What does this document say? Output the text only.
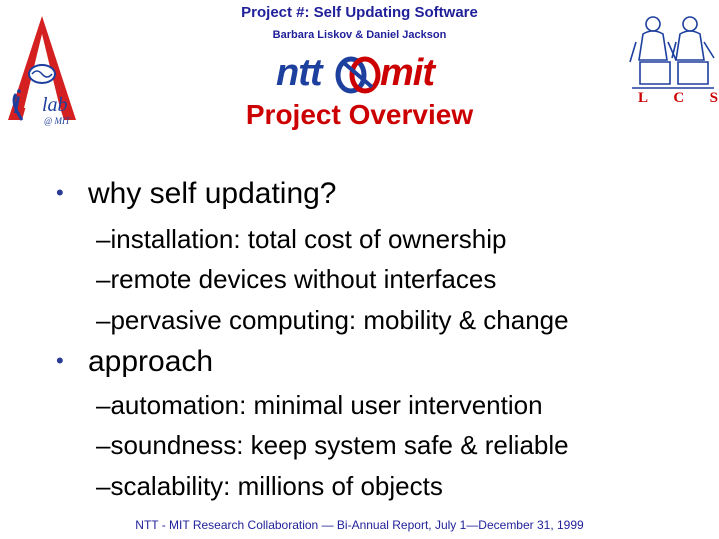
Project #: Self Updating Software
Barbara Liskov & Daniel Jackson
ntt mit
Project Overview
i lab
@ MIT
L C S
• why self updating?
–installation: total cost of ownership
–remote devices without interfaces
–pervasive computing: mobility & change
• approach
–automation: minimal user intervention
–soundness: keep system safe & reliable
–scalability: millions of objects
NTT - MIT Research Collaboration — Bi-Annual Report, July 1—December 31, 1999
